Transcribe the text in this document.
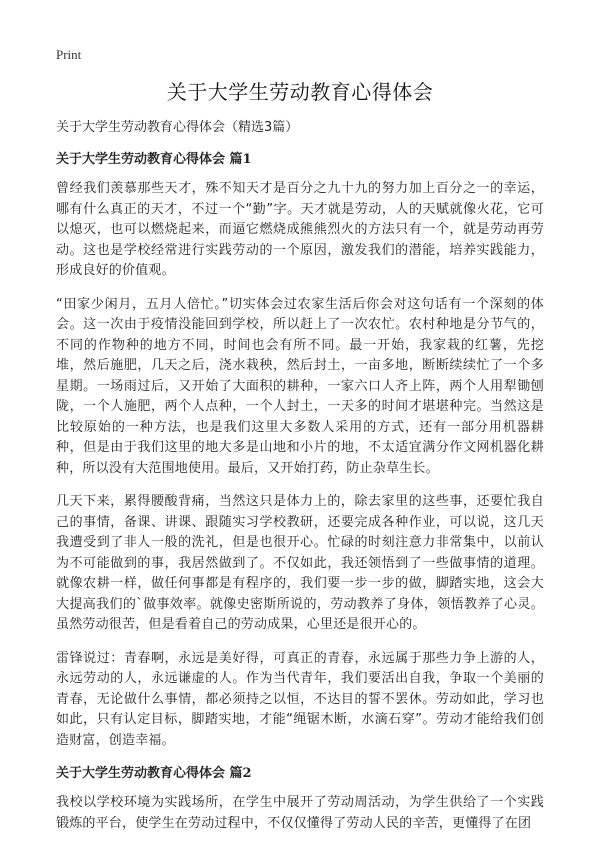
Print
关于大学生劳动教育心得体会

关于大学生劳动教育心得体会（精选3篇）

关于大学生劳动教育心得体会 篇1

曾经我们羡慕那些天才，殊不知天才是百分之九十九的努力加上百分之一的幸运，哪有什么真正的天才，不过一个“勤”字。天才就是劳动，人的天赋就像火花，它可以熄灭，也可以燃烧起来，而逼它燃烧成熊熊烈火的方法只有一个，就是劳动再劳动。这也是学校经常进行实践劳动的一个原因，激发我们的潜能，培养实践能力，形成良好的价值观。

“田家少闲月，五月人倍忙。”切实体会过农家生活后你会对这句话有一个深刻的体会。这一次由于疫情没能回到学校，所以赶上了一次农忙。农村种地是分节气的，不同的作物种的地方不同，时间也会有所不同。最一开始，我家栽的红薯，先挖堆，然后施肥，几天之后，浇水栽秧，然后封土，一亩多地，断断续续忙了一个多星期。一场雨过后，又开始了大面积的耕种，一家六口人齐上阵，两个人用犁锄刨陇，一个人施肥，两个人点种，一个人封土，一天多的时间才堪堪种完。当然这是比较原始的一种方法，也是我们这里大多数人采用的方式，还有一部分用机器耕种，但是由于我们这里的地大多是山地和小片的地，不太适宜满分作文网机器化耕种，所以没有大范围地使用。最后，又开始打药，防止杂草生长。

几天下来，累得腰酸背痛，当然这只是体力上的，除去家里的这些事，还要忙我自己的事情，备课、讲课、跟随实习学校教研，还要完成各种作业，可以说，这几天我遭受到了非人一般的洗礼，但是也很开心。忙碌的时刻注意力非常集中，以前认为不可能做到的事，我居然做到了。不仅如此，我还领悟到了一些做事情的道理。就像农耕一样，做任何事都是有程序的，我们要一步一步的做，脚踏实地，这会大大提高我们的`做事效率。就像史密斯所说的，劳动教养了身体，领悟教养了心灵。虽然劳动很苦，但是看着自己的劳动成果，心里还是很开心的。

雷锋说过：青春啊，永远是美好得，可真正的青春，永远属于那些力争上游的人，永远劳动的人，永远谦虚的人。作为当代青年，我们要活出自我，争取一个美丽的青春，无论做什么事情，都必须持之以恒，不达目的誓不罢休。劳动如此，学习也如此，只有认定目标，脚踏实地，才能“绳锯木断，水滴石穿”。劳动才能给我们创造财富，创造幸福。

关于大学生劳动教育心得体会 篇2

我校以学校环境为实践场所，在学生中展开了劳动周活动，为学生供给了一个实践锻炼的平台，使学生在劳动过程中，不仅仅懂得了劳动人民的辛苦，更懂得了在团
